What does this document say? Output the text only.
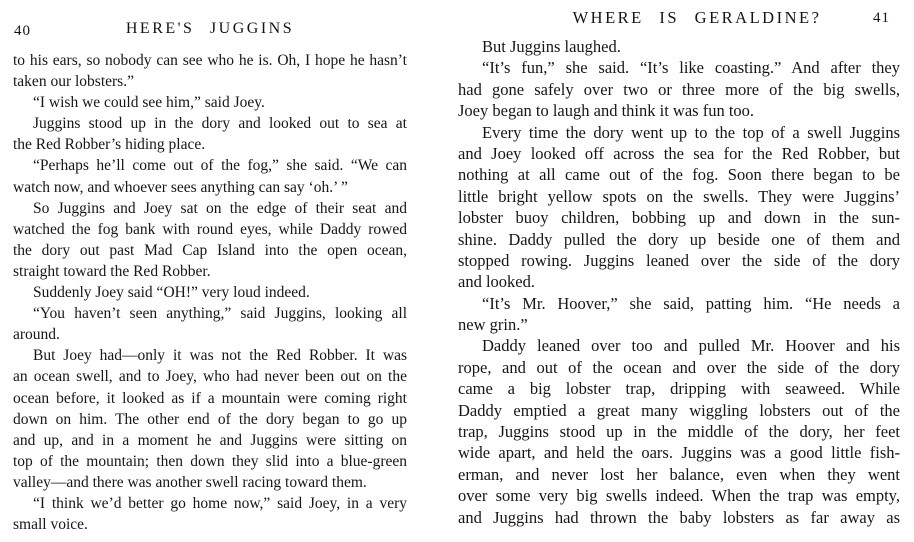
40	HERE'S JUGGINS
to his ears, so nobody can see who he is. Oh, I hope he hasn’t
taken our lobsters.”
“I wish we could see him,” said Joey.
Juggins stood up in the dory and looked out to sea at
the Red Robber’s hiding place.
“Perhaps he’ll come out of the fog,” she said. “We can
watch now, and whoever sees anything can say ‘oh.’ ”
So Juggins and Joey sat on the edge of their seat and
watched the fog bank with round eyes, while Daddy rowed
the dory out past Mad Cap Island into the open ocean,
straight toward the Red Robber.
Suddenly Joey said “OH!” very loud indeed.
“You haven’t seen anything,” said Juggins, looking all
around.
But Joey had—only it was not the Red Robber. It was
an ocean swell, and to Joey, who had never been out on the
ocean before, it looked as if a mountain were coming right
down on him. The other end of the dory began to go up
and up, and in a moment he and Juggins were sitting on
top of the mountain; then down they slid into a blue-green
valley—and there was another swell racing toward them.
“I think we’d better go home now,” said Joey, in a very
small voice.
WHERE IS GERALDINE?	41
But Juggins laughed.
“It’s fun,” she said. “It’s like coasting.” And after they
had gone safely over two or three more of the big swells,
Joey began to laugh and think it was fun too.
Every time the dory went up to the top of a swell Juggins
and Joey looked off across the sea for the Red Robber, but
nothing at all came out of the fog. Soon there began to be
little bright yellow spots on the swells. They were Juggins’
lobster buoy children, bobbing up and down in the sun-
shine. Daddy pulled the dory up beside one of them and
stopped rowing. Juggins leaned over the side of the dory
and looked.
“It’s Mr. Hoover,” she said, patting him. “He needs a
new grin.”
Daddy leaned over too and pulled Mr. Hoover and his
rope, and out of the ocean and over the side of the dory
came a big lobster trap, dripping with seaweed. While
Daddy emptied a great many wiggling lobsters out of the
trap, Juggins stood up in the middle of the dory, her feet
wide apart, and held the oars. Juggins was a good little fish-
erman, and never lost her balance, even when they went
over some very big swells indeed. When the trap was empty,
and Juggins had thrown the baby lobsters as far away as
